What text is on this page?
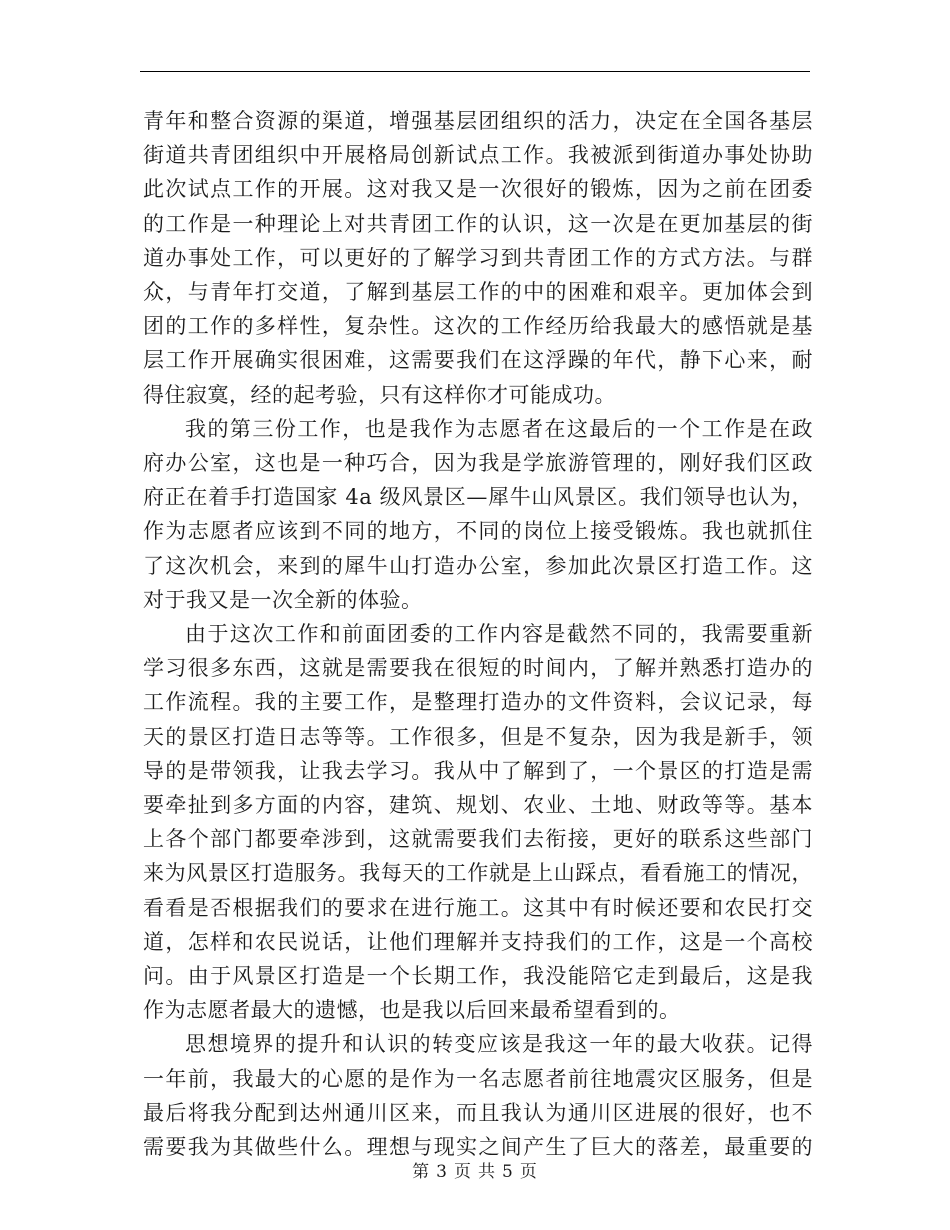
青年和整合资源的渠道，增强基层团组织的活力，决定在全国各基层
街道共青团组织中开展格局创新试点工作。我被派到街道办事处协助
此次试点工作的开展。这对我又是一次很好的锻炼，因为之前在团委
的工作是一种理论上对共青团工作的认识，这一次是在更加基层的街
道办事处工作，可以更好的了解学习到共青团工作的方式方法。与群
众，与青年打交道，了解到基层工作的中的困难和艰辛。更加体会到
团的工作的多样性，复杂性。这次的工作经历给我最大的感悟就是基
层工作开展确实很困难，这需要我们在这浮躁的年代，静下心来，耐
得住寂寞，经的起考验，只有这样你才可能成功。
我的第三份工作，也是我作为志愿者在这最后的一个工作是在政
府办公室，这也是一种巧合，因为我是学旅游管理的，刚好我们区政
府正在着手打造国家 4a 级风景区—犀牛山风景区。我们领导也认为，
作为志愿者应该到不同的地方，不同的岗位上接受锻炼。我也就抓住
了这次机会，来到的犀牛山打造办公室，参加此次景区打造工作。这
对于我又是一次全新的体验。
由于这次工作和前面团委的工作内容是截然不同的，我需要重新
学习很多东西，这就是需要我在很短的时间内，了解并熟悉打造办的
工作流程。我的主要工作，是整理打造办的文件资料，会议记录，每
天的景区打造日志等等。工作很多，但是不复杂，因为我是新手，领
导的是带领我，让我去学习。我从中了解到了，一个景区的打造是需
要牵扯到多方面的内容，建筑、规划、农业、土地、财政等等。基本
上各个部门都要牵涉到，这就需要我们去衔接，更好的联系这些部门
来为风景区打造服务。我每天的工作就是上山踩点，看看施工的情况，
看看是否根据我们的要求在进行施工。这其中有时候还要和农民打交
道，怎样和农民说话，让他们理解并支持我们的工作，这是一个高校
问。由于风景区打造是一个长期工作，我没能陪它走到最后，这是我
作为志愿者最大的遗憾，也是我以后回来最希望看到的。
思想境界的提升和认识的转变应该是我这一年的最大收获。记得
一年前，我最大的心愿的是作为一名志愿者前往地震灾区服务，但是
最后将我分配到达州通川区来，而且我认为通川区进展的很好，也不
需要我为其做些什么。理想与现实之间产生了巨大的落差，最重要的
第 3 页 共 5 页
